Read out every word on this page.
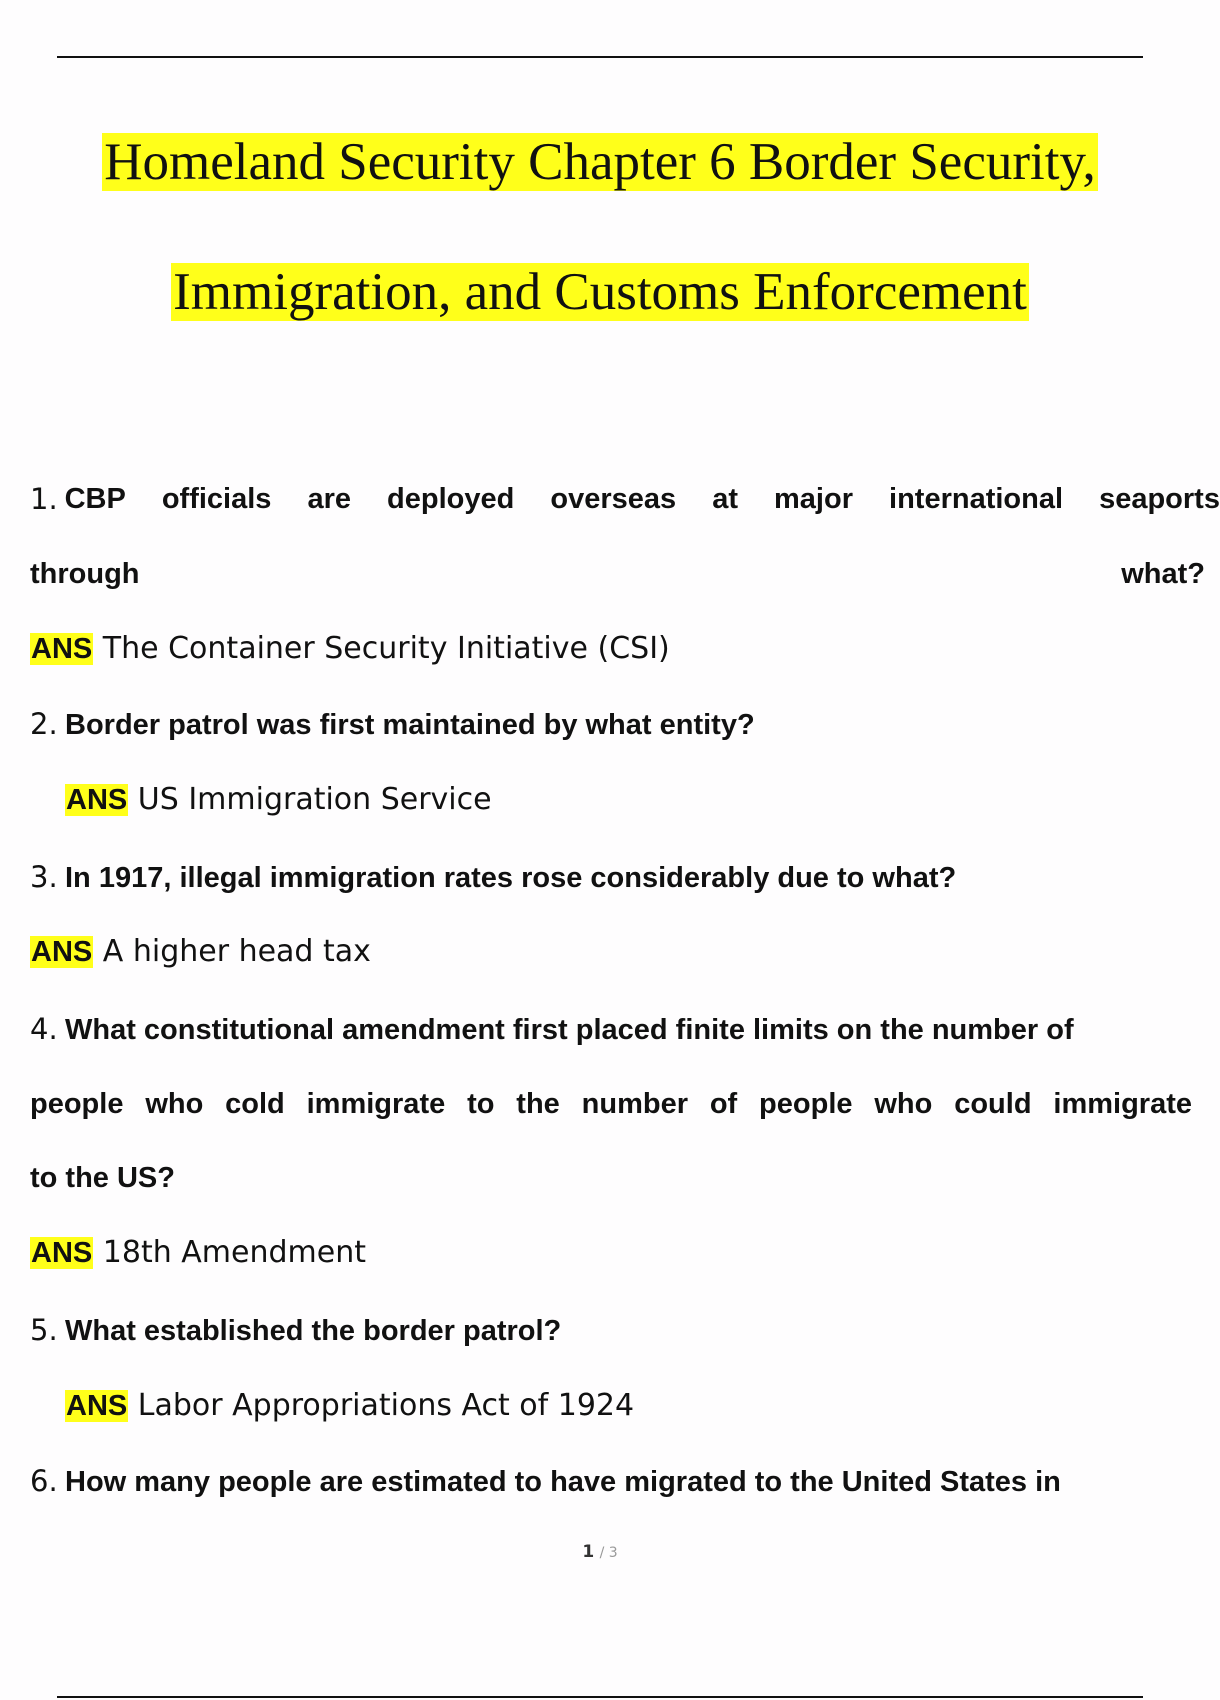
Homeland Security Chapter 6 Border Security,
Immigration, and Customs Enforcement
1. CBP officials are deployed overseas at major international seaports
through	what?
ANS The Container Security Initiative (CSI)
2. Border patrol was first maintained by what entity?
ANS US Immigration Service
3. In 1917, illegal immigration rates rose considerably due to what?
ANS A higher head tax
4. What constitutional amendment first placed finite limits on the number of
people who cold immigrate to the number of people who could immigrate
to the US?
ANS 18th Amendment
5. What established the border patrol?
ANS Labor Appropriations Act of 1924
6. How many people are estimated to have migrated to the United States in
1 / 3
